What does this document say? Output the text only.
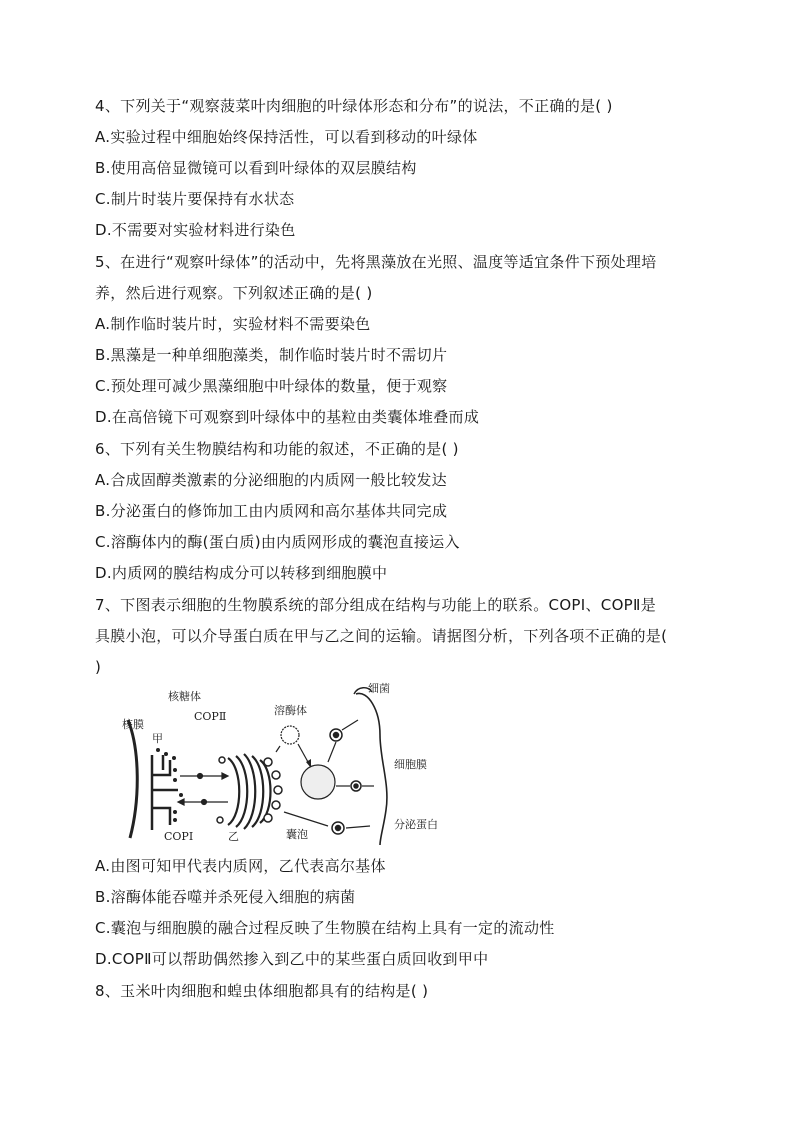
4、下列关于“观察菠菜叶肉细胞的叶绿体形态和分布”的说法，不正确的是( )
A.实验过程中细胞始终保持活性，可以看到移动的叶绿体
B.使用高倍显微镜可以看到叶绿体的双层膜结构
C.制片时装片要保持有水状态
D.不需要对实验材料进行染色
5、在进行“观察叶绿体”的活动中，先将黑藻放在光照、温度等适宜条件下预处理培
养，然后进行观察。下列叙述正确的是( )
A.制作临时装片时，实验材料不需要染色
B.黑藻是一种单细胞藻类，制作临时装片时不需切片
C.预处理可减少黑藻细胞中叶绿体的数量，便于观察
D.在高倍镜下可观察到叶绿体中的基粒由类囊体堆叠而成
6、下列有关生物膜结构和功能的叙述，不正确的是( )
A.合成固醇类激素的分泌细胞的内质网一般比较发达
B.分泌蛋白的修饰加工由内质网和高尔基体共同完成
C.溶酶体内的酶(蛋白质)由内质网形成的囊泡直接运入
D.内质网的膜结构成分可以转移到细胞膜中
7、下图表示细胞的生物膜系统的部分组成在结构与功能上的联系。COPⅠ、COPⅡ是
具膜小泡，可以介导蛋白质在甲与乙之间的运输。请据图分析，下列各项不正确的是(
)
核糖体
核膜
COPⅡ
甲
溶酶体
细菌
细胞膜
COPⅠ	乙	囊泡
分泌蛋白
A.由图可知甲代表内质网，乙代表高尔基体
B.溶酶体能吞噬并杀死侵入细胞的病菌
C.囊泡与细胞膜的融合过程反映了生物膜在结构上具有一定的流动性
D.COPⅡ可以帮助偶然掺入到乙中的某些蛋白质回收到甲中
8、玉米叶肉细胞和蝗虫体细胞都具有的结构是( )
